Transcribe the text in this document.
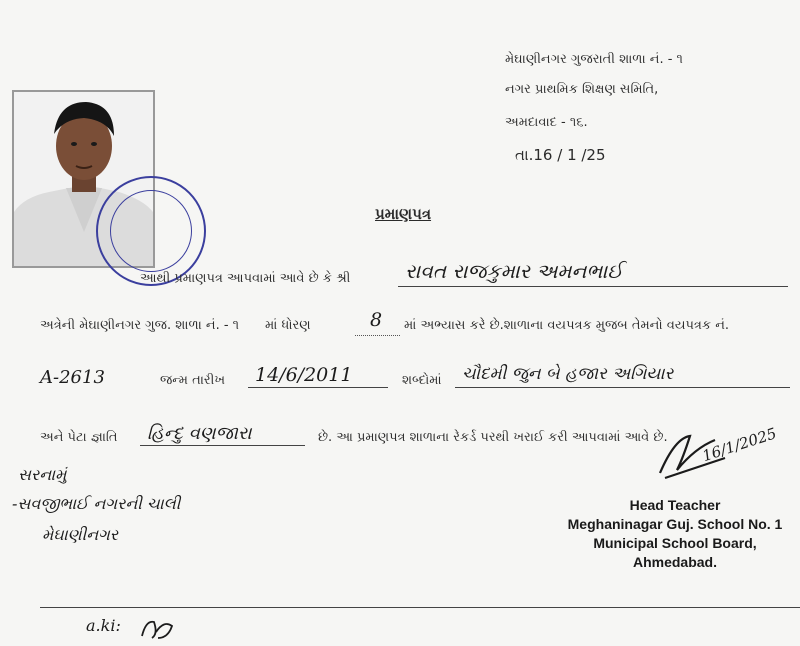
મેઘાણીનગર ગુજરાતી શાળા નં. - ૧
નગર પ્રાથમિક શિક્ષણ સમિતિ,
અમદાવાદ - ૧૬.
તા.16 / 1 /25
પ્રમાણપત્ર
આથી પ્રમાણપત્ર આપવામાં આવે છે કે શ્રી	રાવત રાજકુમાર અમનભાઈ
અત્રેની મેઘાણીનગર ગુજ. શાળા નં. - ૧ માં ધોરણ	8 માં અભ્યાસ કરે છે.શાળાના વયપત્રક મુજબ તેમનો વયપત્રક નં.
A-2613	જન્મ તારીખ 14/6/2011	શબ્દોમાં ચૌદમી જુન બે હજાર અગિયાર
અને પેટા જ્ઞાતિ હિન્દુ વણજારા	છે. આ પ્રમાણપત્ર શાળાના રેકર્ડ પરથી ખરાઈ કરી આપવામાં આવે છે.
સરનામું
-સવજીભાઈ નગરની ચાલી
મેઘાણીનગર
16/1/2025
Head Teacher
Meghaninagar Guj. School No. 1
Municipal School Board,
Ahmedabad.
a.ki:
